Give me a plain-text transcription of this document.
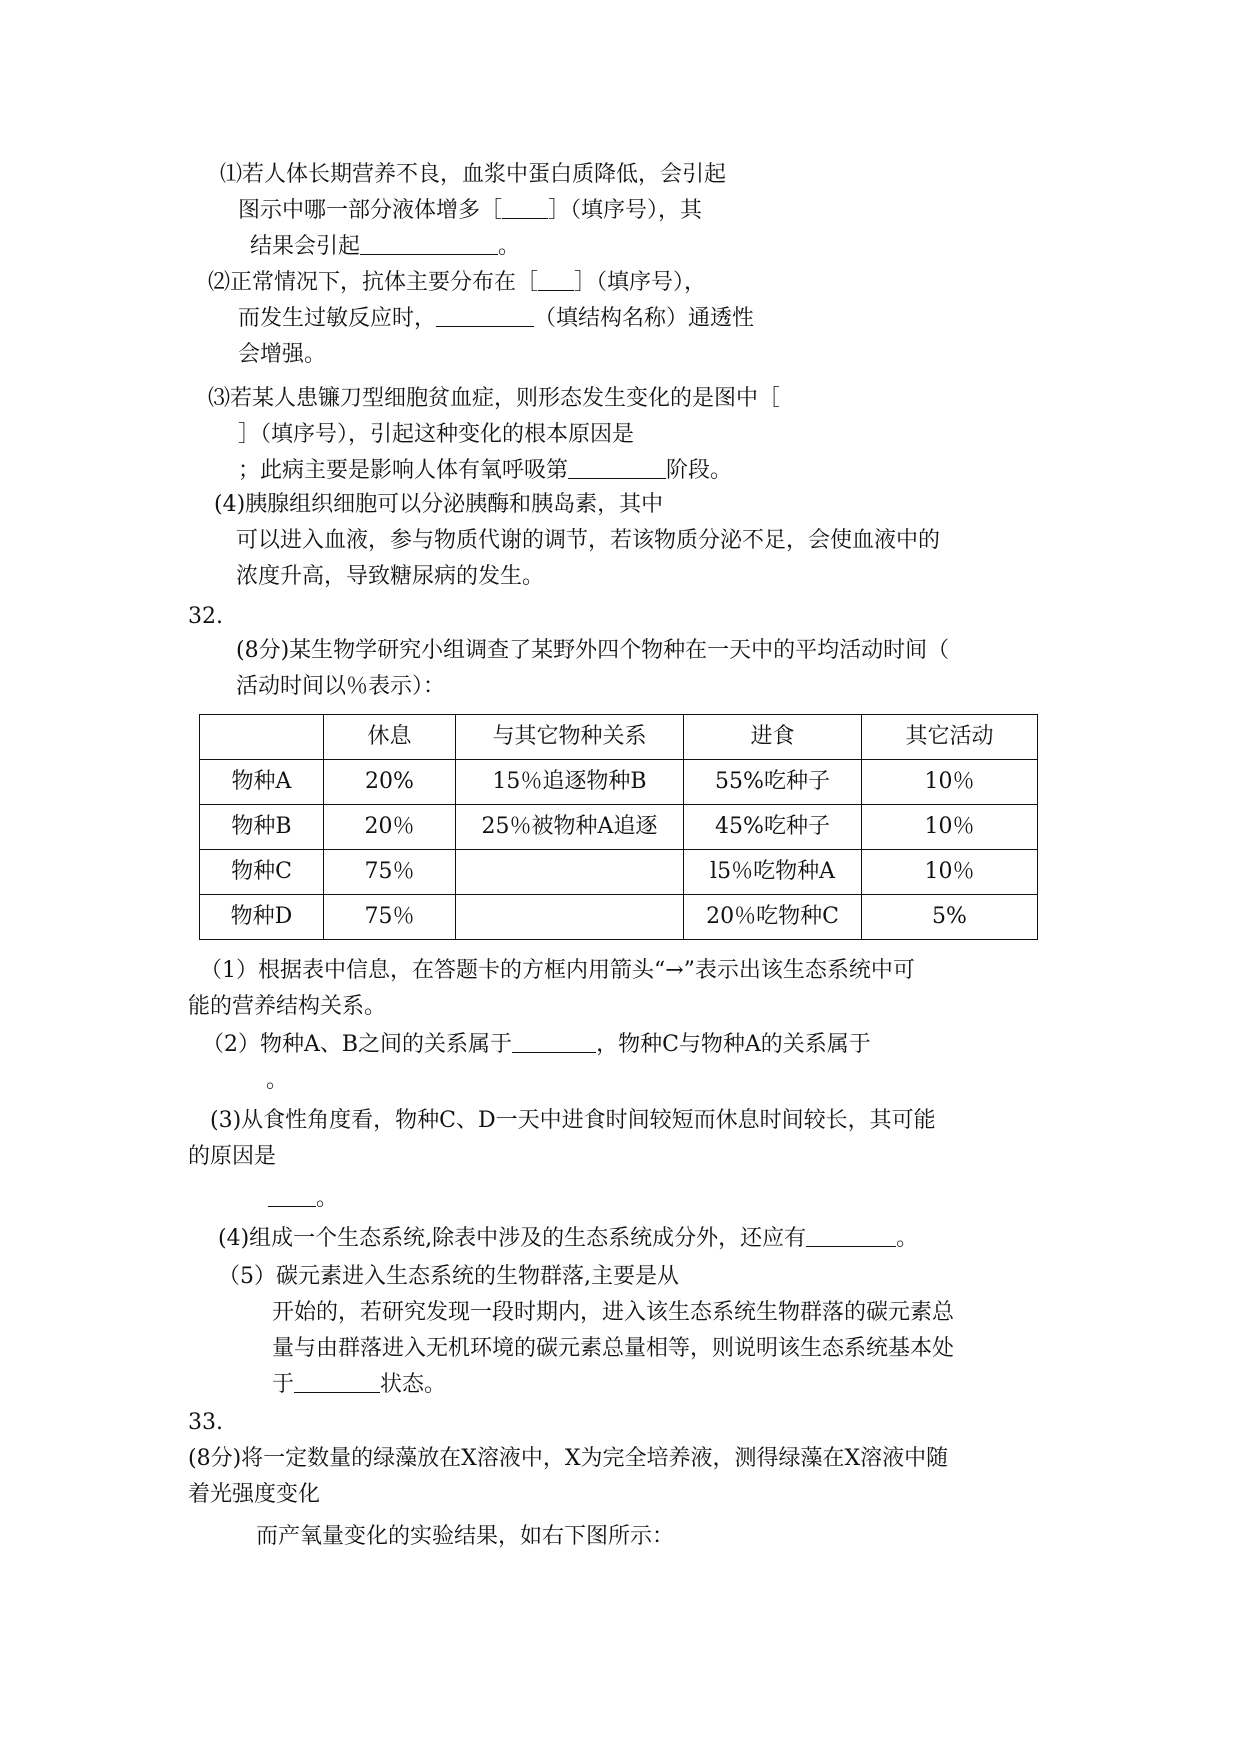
⑴若人体长期营养不良，血浆中蛋白质降低，会引起
图示中哪一部分液体增多［ ］（填序号），其
结果会引起	。
⑵正常情况下，抗体主要分布在［ ］（填序号），
而发生过敏反应时，	（填结构名称）通透性
会增强。
⑶若某人患镰刀型细胞贫血症，则形态发生变化的是图中［
］（填序号），引起这种变化的根本原因是
；此病主要是影响人体有氧呼吸第	阶段。
(4)胰腺组织细胞可以分泌胰酶和胰岛素，其中
可以进入血液，参与物质代谢的调节，若该物质分泌不足，会使血液中的
浓度升高，导致糖尿病的发生。
32.
(8分)某生物学研究小组调查了某野外四个物种在一天中的平均活动时间（
活动时间以％表示）：
	休息	与其它物种关系	进食	其它活动
物种A	20%	15％追逐物种B	55%吃种子	10％
物种B	20％	25％被物种A追逐	45%吃种子	10％
物种C	75％		l5％吃物种A	10％
物种D	75％		20％吃物种C	5%
（1）根据表中信息，在答题卡的方框内用箭头“→”表示出该生态系统中可
能的营养结构关系。
（2）物种A、B之间的关系属于	，物种C与物种A的关系属于
。
(3)从食性角度看，物种C、D一天中进食时间较短而休息时间较长，其可能
的原因是
。
(4)组成一个生态系统,除表中涉及的生态系统成分外，还应有	。
（5）碳元素进入生态系统的生物群落,主要是从
开始的，若研究发现一段时期内，进入该生态系统生物群落的碳元素总
量与由群落进入无机环境的碳元素总量相等，则说明该生态系统基本处
于	状态。
33.
(8分)将一定数量的绿藻放在X溶液中，X为完全培养液，测得绿藻在X溶液中随
着光强度变化
而产氧量变化的实验结果，如右下图所示：
